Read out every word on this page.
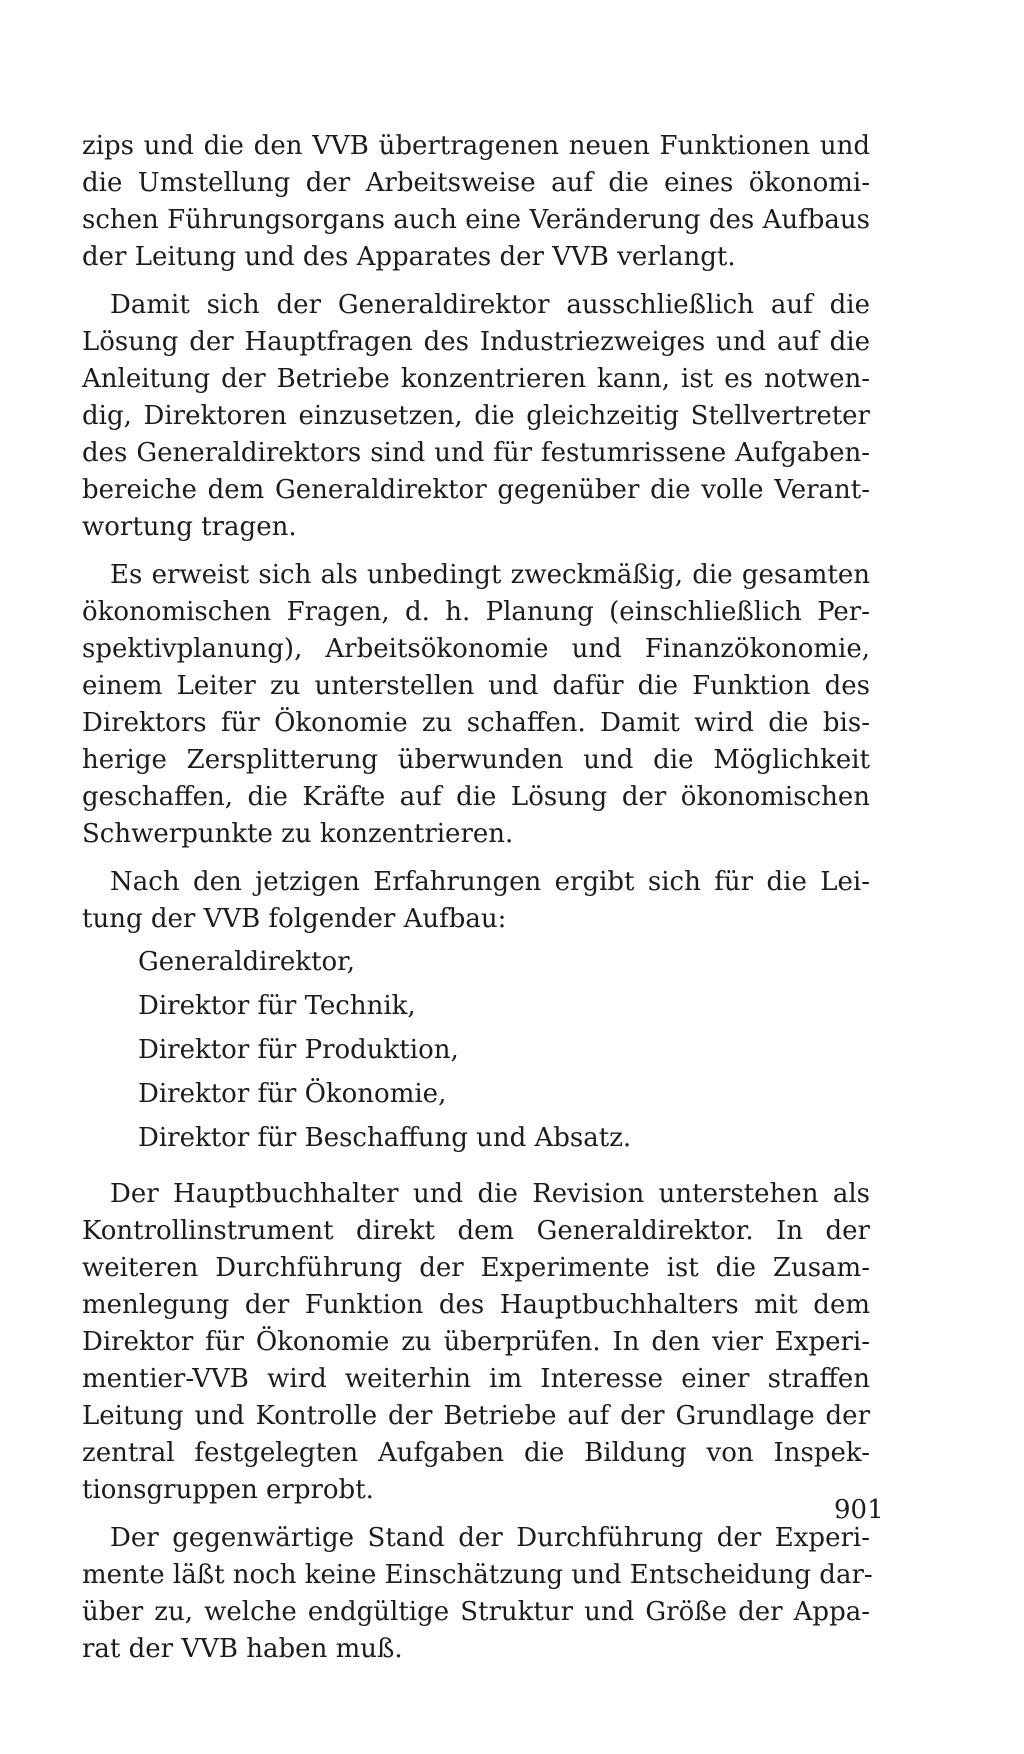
zips und die den VVB übertragenen neuen Funktionen und
die Umstellung der Arbeitsweise auf die eines ökonomi-
schen Führungsorgans auch eine Veränderung des Aufbaus
der Leitung und des Apparates der VVB verlangt.
Damit sich der Generaldirektor ausschließlich auf die
Lösung der Hauptfragen des Industriezweiges und auf die
Anleitung der Betriebe konzentrieren kann, ist es notwen-
dig, Direktoren einzusetzen, die gleichzeitig Stellvertreter
des Generaldirektors sind und für festumrissene Aufgaben-
bereiche dem Generaldirektor gegenüber die volle Verant-
wortung tragen.
Es erweist sich als unbedingt zweckmäßig, die gesamten
ökonomischen Fragen, d. h. Planung (einschließlich Per-
spektivplanung), Arbeitsökonomie und Finanzökonomie,
einem Leiter zu unterstellen und dafür die Funktion des
Direktors für Ökonomie zu schaffen. Damit wird die bis-
herige Zersplitterung überwunden und die Möglichkeit
geschaffen, die Kräfte auf die Lösung der ökonomischen
Schwerpunkte zu konzentrieren.
Nach den jetzigen Erfahrungen ergibt sich für die Lei-
tung der VVB folgender Aufbau:
Generaldirektor,
Direktor für Technik,
Direktor für Produktion,
Direktor für Ökonomie,
Direktor für Beschaffung und Absatz.
Der Hauptbuchhalter und die Revision unterstehen als
Kontrollinstrument direkt dem Generaldirektor. In der
weiteren Durchführung der Experimente ist die Zusam-
menlegung der Funktion des Hauptbuchhalters mit dem
Direktor für Ökonomie zu überprüfen. In den vier Experi-
mentier-VVB wird weiterhin im Interesse einer straffen
Leitung und Kontrolle der Betriebe auf der Grundlage der
zentral festgelegten Aufgaben die Bildung von Inspek-
tionsgruppen erprobt.
Der gegenwärtige Stand der Durchführung der Experi-
mente läßt noch keine Einschätzung und Entscheidung dar-
über zu, welche endgültige Struktur und Größe der Appa-
rat der VVB haben muß.
901
